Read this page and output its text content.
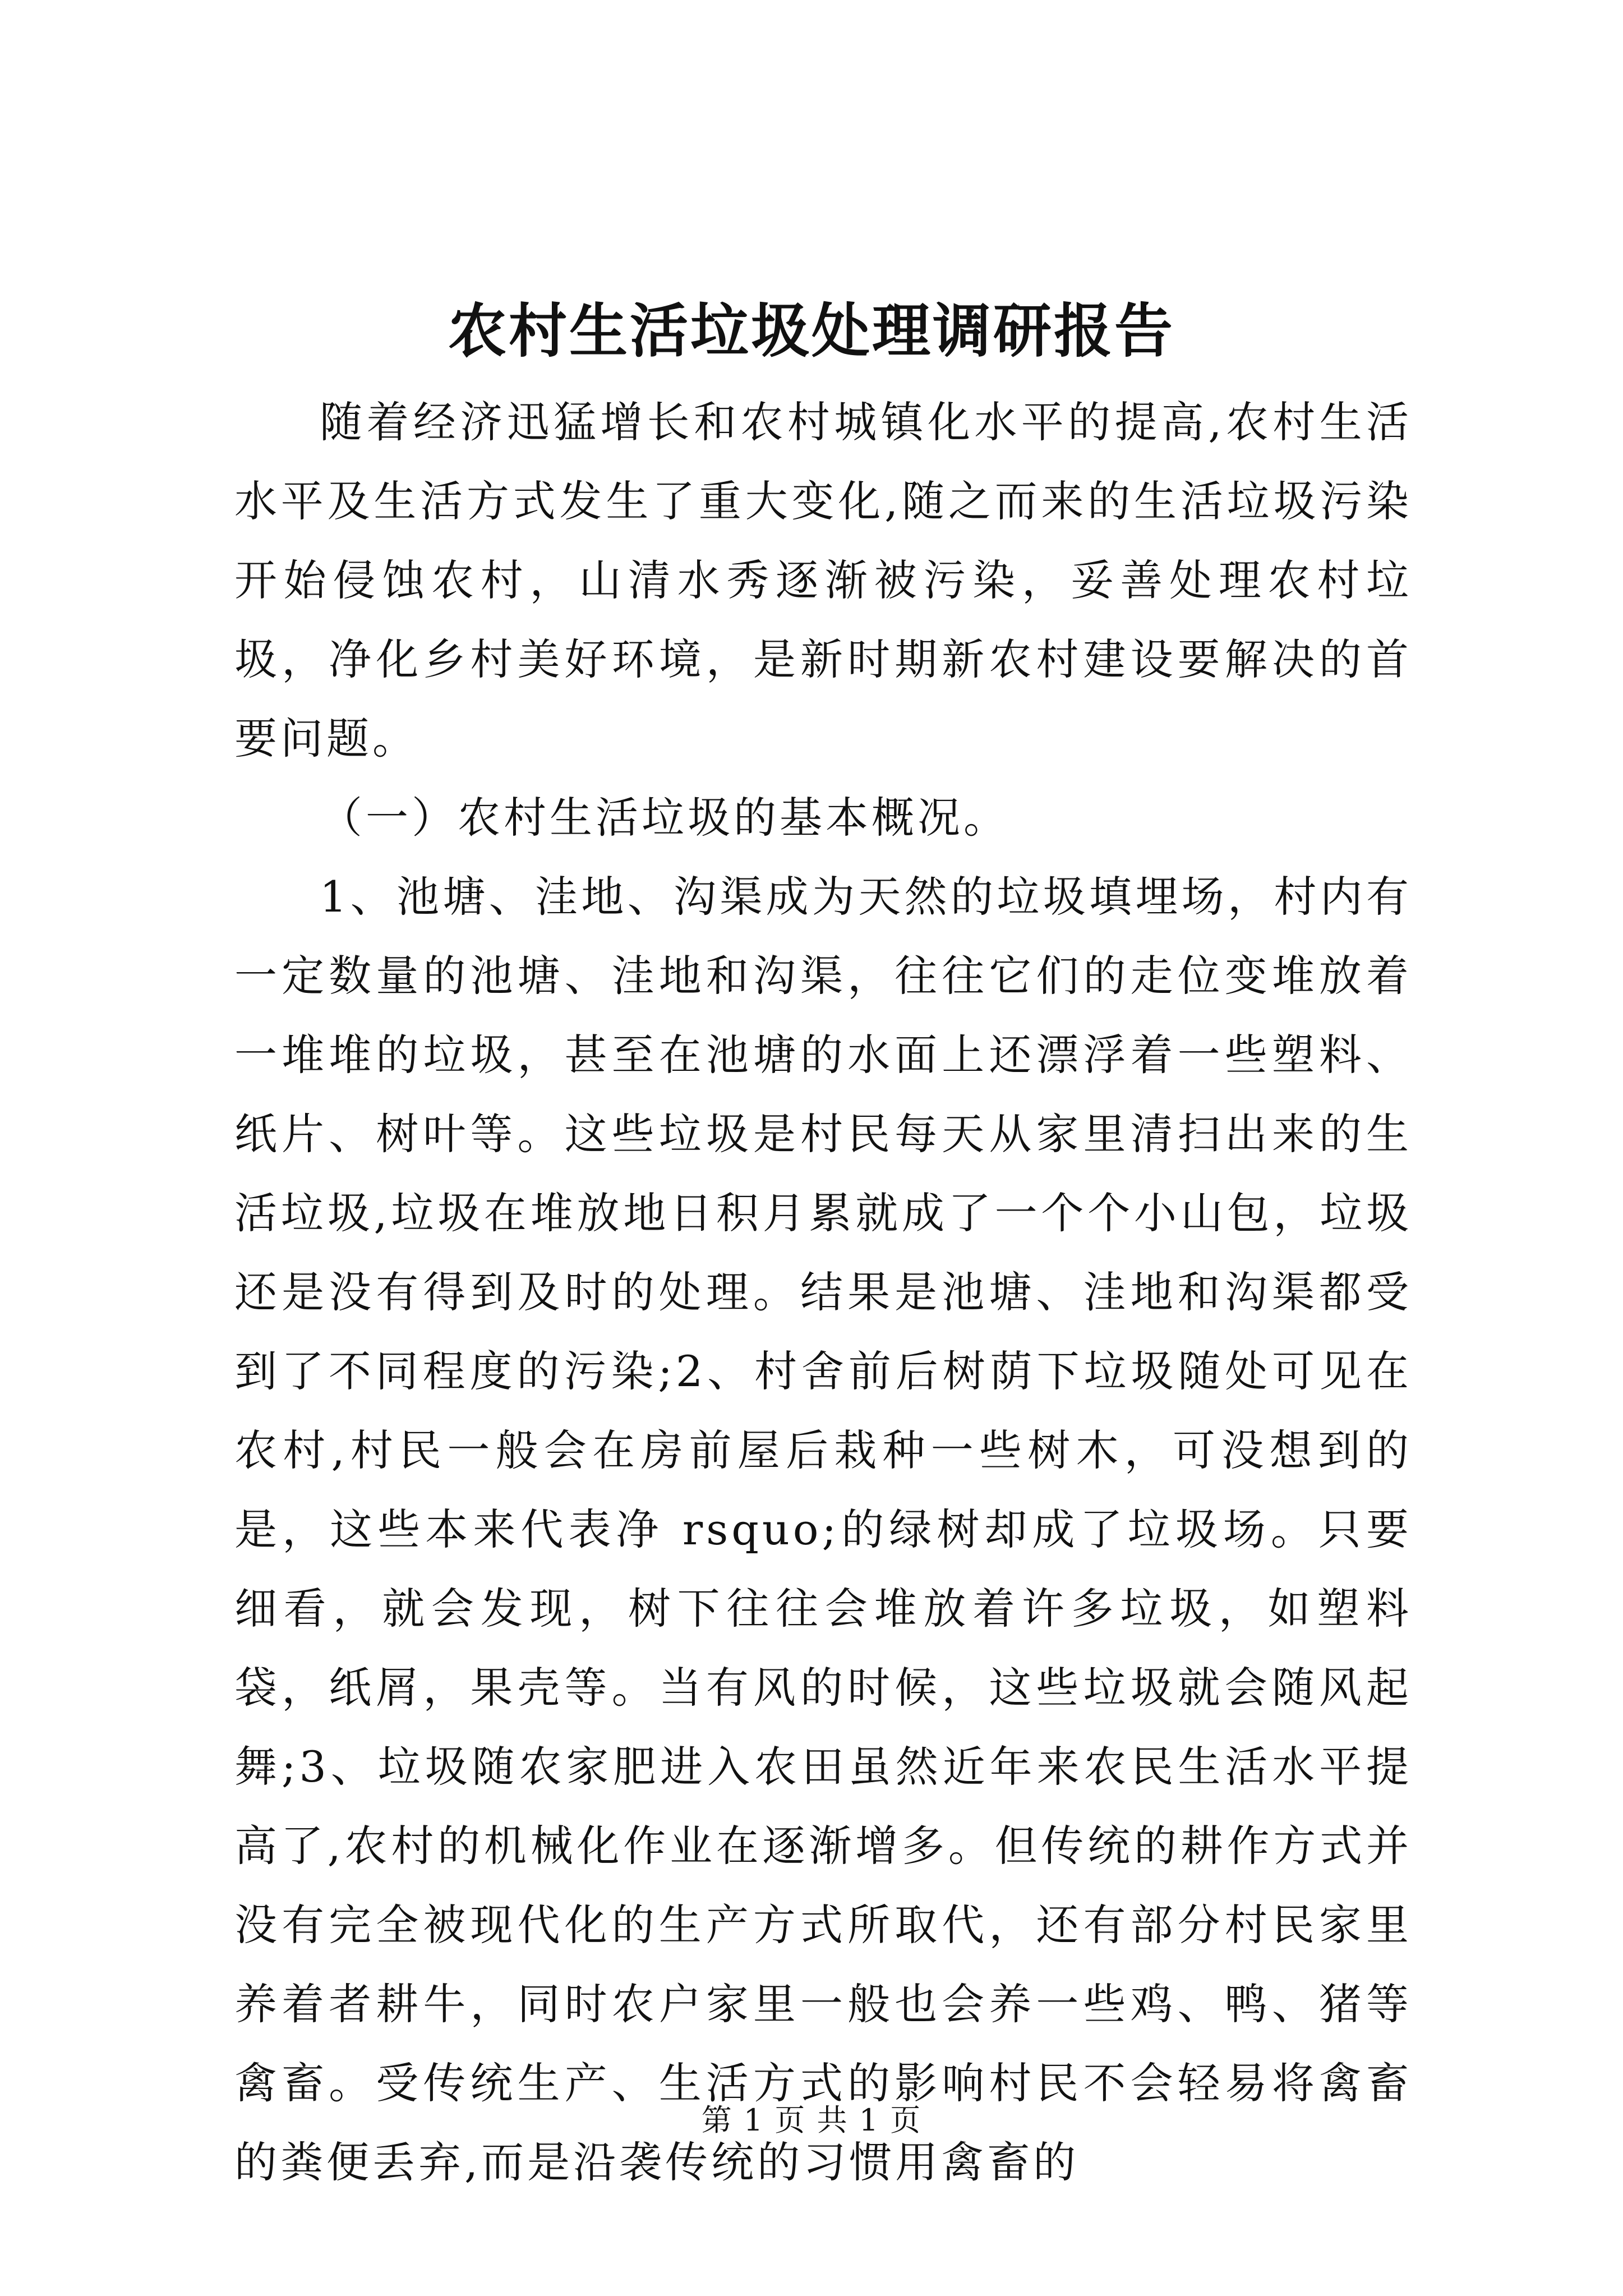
农村生活垃圾处理调研报告

随着经济迅猛增长和农村城镇化水平的提高,农村生活水平及生活方式发生了重大变化,随之而来的生活垃圾污染开始侵蚀农村，山清水秀逐渐被污染，妥善处理农村垃圾，净化乡村美好环境，是新时期新农村建设要解决的首要问题。

（一）农村生活垃圾的基本概况。

1、池塘、洼地、沟渠成为天然的垃圾填埋场，村内有一定数量的池塘、洼地和沟渠，往往它们的走位变堆放着一堆堆的垃圾，甚至在池塘的水面上还漂浮着一些塑料、纸片、树叶等。这些垃圾是村民每天从家里清扫出来的生活垃圾,垃圾在堆放地日积月累就成了一个个小山包，垃圾还是没有得到及时的处理。结果是池塘、洼地和沟渠都受到了不同程度的污染;2、村舍前后树荫下垃圾随处可见在农村,村民一般会在房前屋后栽种一些树木，可没想到的是，这些本来代表净 rsquo;的绿树却成了垃圾场。只要细看，就会发现，树下往往会堆放着许多垃圾，如塑料袋，纸屑，果壳等。当有风的时候，这些垃圾就会随风起舞;3、垃圾随农家肥进入农田虽然近年来农民生活水平提高了,农村的机械化作业在逐渐增多。但传统的耕作方式并没有完全被现代化的生产方式所取代，还有部分村民家里养着者耕牛，同时农户家里一般也会养一些鸡、鸭、猪等禽畜。受传统生产、生活方式的影响村民不会轻易将禽畜的粪便丢弃,而是沿袭传统的习惯用禽畜的

第 1 页 共 1 页
